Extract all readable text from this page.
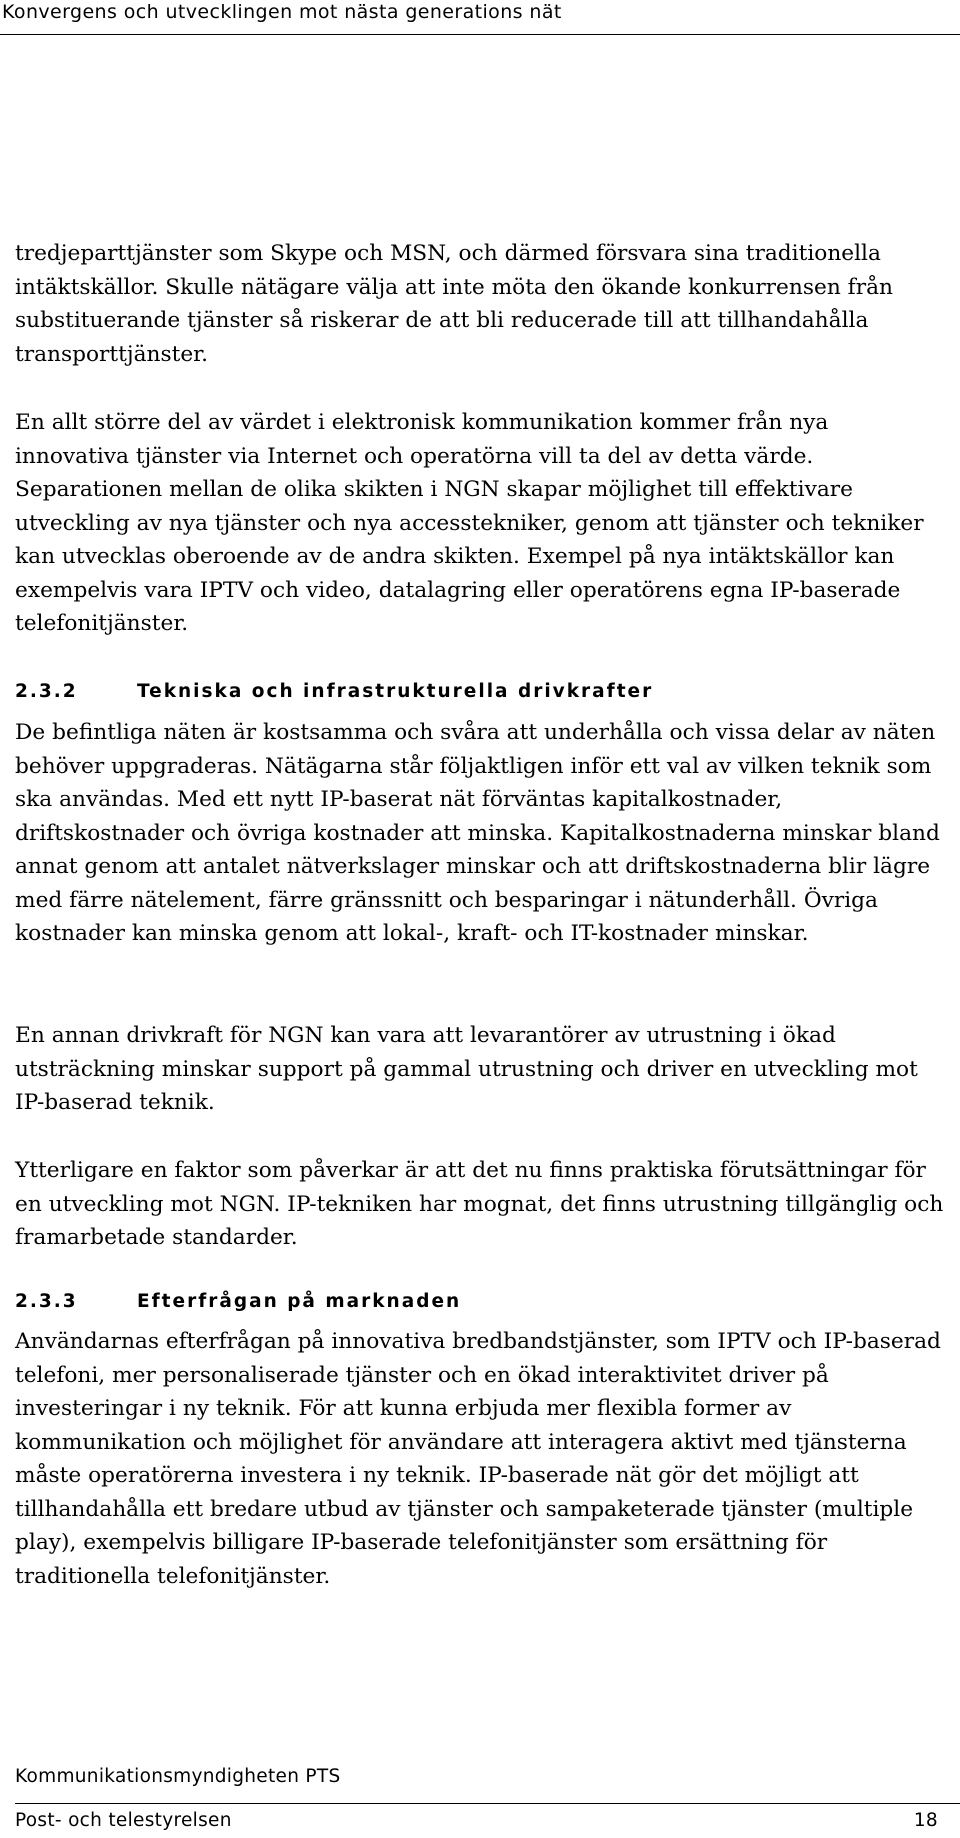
Konvergens och utvecklingen mot nästa generations nät

tredjeparttjänster som Skype och MSN, och därmed försvara sina traditionella intäktskällor. Skulle nätägare välja att inte möta den ökande konkurrensen från substituerande tjänster så riskerar de att bli reducerade till att tillhandahålla transporttjänster.

En allt större del av värdet i elektronisk kommunikation kommer från nya innovativa tjänster via Internet och operatörna vill ta del av detta värde. Separationen mellan de olika skikten i NGN skapar möjlighet till effektivare utveckling av nya tjänster och nya accesstekniker, genom att tjänster och tekniker kan utvecklas oberoende av de andra skikten. Exempel på nya intäktskällor kan exempelvis vara IPTV och video, datalagring eller operatörens egna IP-baserade telefonitjänster.

2.3.2	Tekniska och infrastrukturella drivkrafter

De befintliga näten är kostsamma och svåra att underhålla och vissa delar av näten behöver uppgraderas. Nätägarna står följaktligen inför ett val av vilken teknik som ska användas. Med ett nytt IP-baserat nät förväntas kapitalkostnader, driftskostnader och övriga kostnader att minska. Kapitalkostnaderna minskar bland annat genom att antalet nätverkslager minskar och att driftskostnaderna blir lägre med färre nätelement, färre gränssnitt och besparingar i nätunderhåll. Övriga kostnader kan minska genom att lokal-, kraft- och IT-kostnader minskar.

En annan drivkraft för NGN kan vara att levarantörer av utrustning i ökad utsträckning minskar support på gammal utrustning och driver en utveckling mot IP-baserad teknik.

Ytterligare en faktor som påverkar är att det nu finns praktiska förutsättningar för en utveckling mot NGN. IP-tekniken har mognat, det finns utrustning tillgänglig och framarbetade standarder.

2.3.3	Efterfrågan på marknaden

Användarnas efterfrågan på innovativa bredbandstjänster, som IPTV och IP-baserad telefoni, mer personaliserade tjänster och en ökad interaktivitet driver på investeringar i ny teknik. För att kunna erbjuda mer flexibla former av kommunikation och möjlighet för användare att interagera aktivt med tjänsterna måste operatörerna investera i ny teknik. IP-baserade nät gör det möjligt att tillhandahålla ett bredare utbud av tjänster och sampaketerade tjänster (multiple play), exempelvis billigare IP-baserade telefonitjänster som ersättning för traditionella telefonitjänster.

Kommunikationsmyndigheten PTS
Post- och telestyrelsen	18
